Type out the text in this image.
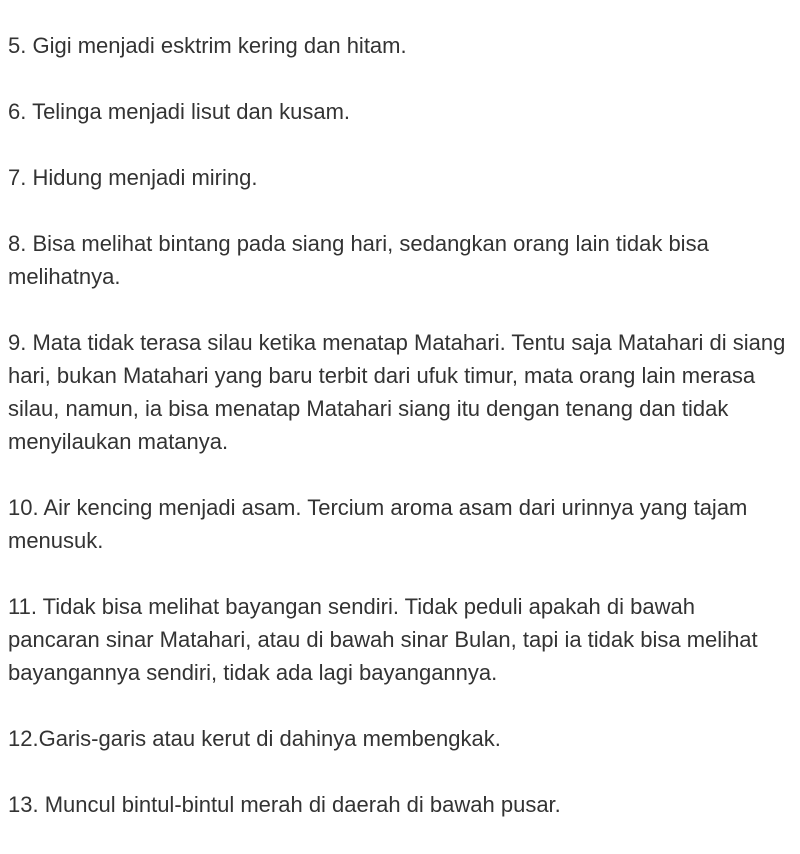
5. Gigi menjadi esktrim kering dan hitam.

6. Telinga menjadi lisut dan kusam.

7. Hidung menjadi miring.

8. Bisa melihat bintang pada siang hari, sedangkan orang lain tidak bisa melihatnya.

9. Mata tidak terasa silau ketika menatap Matahari. Tentu saja Matahari di siang hari, bukan Matahari yang baru terbit dari ufuk timur, mata orang lain merasa silau, namun, ia bisa menatap Matahari siang itu dengan tenang dan tidak menyilaukan matanya.

10. Air kencing menjadi asam. Tercium aroma asam dari urinnya yang tajam menusuk.

11. Tidak bisa melihat bayangan sendiri. Tidak peduli apakah di bawah pancaran sinar Matahari, atau di bawah sinar Bulan, tapi ia tidak bisa melihat bayangannya sendiri, tidak ada lagi bayangannya.

12.Garis-garis atau kerut di dahinya membengkak.

13. Muncul bintul-bintul merah di daerah di bawah pusar.
